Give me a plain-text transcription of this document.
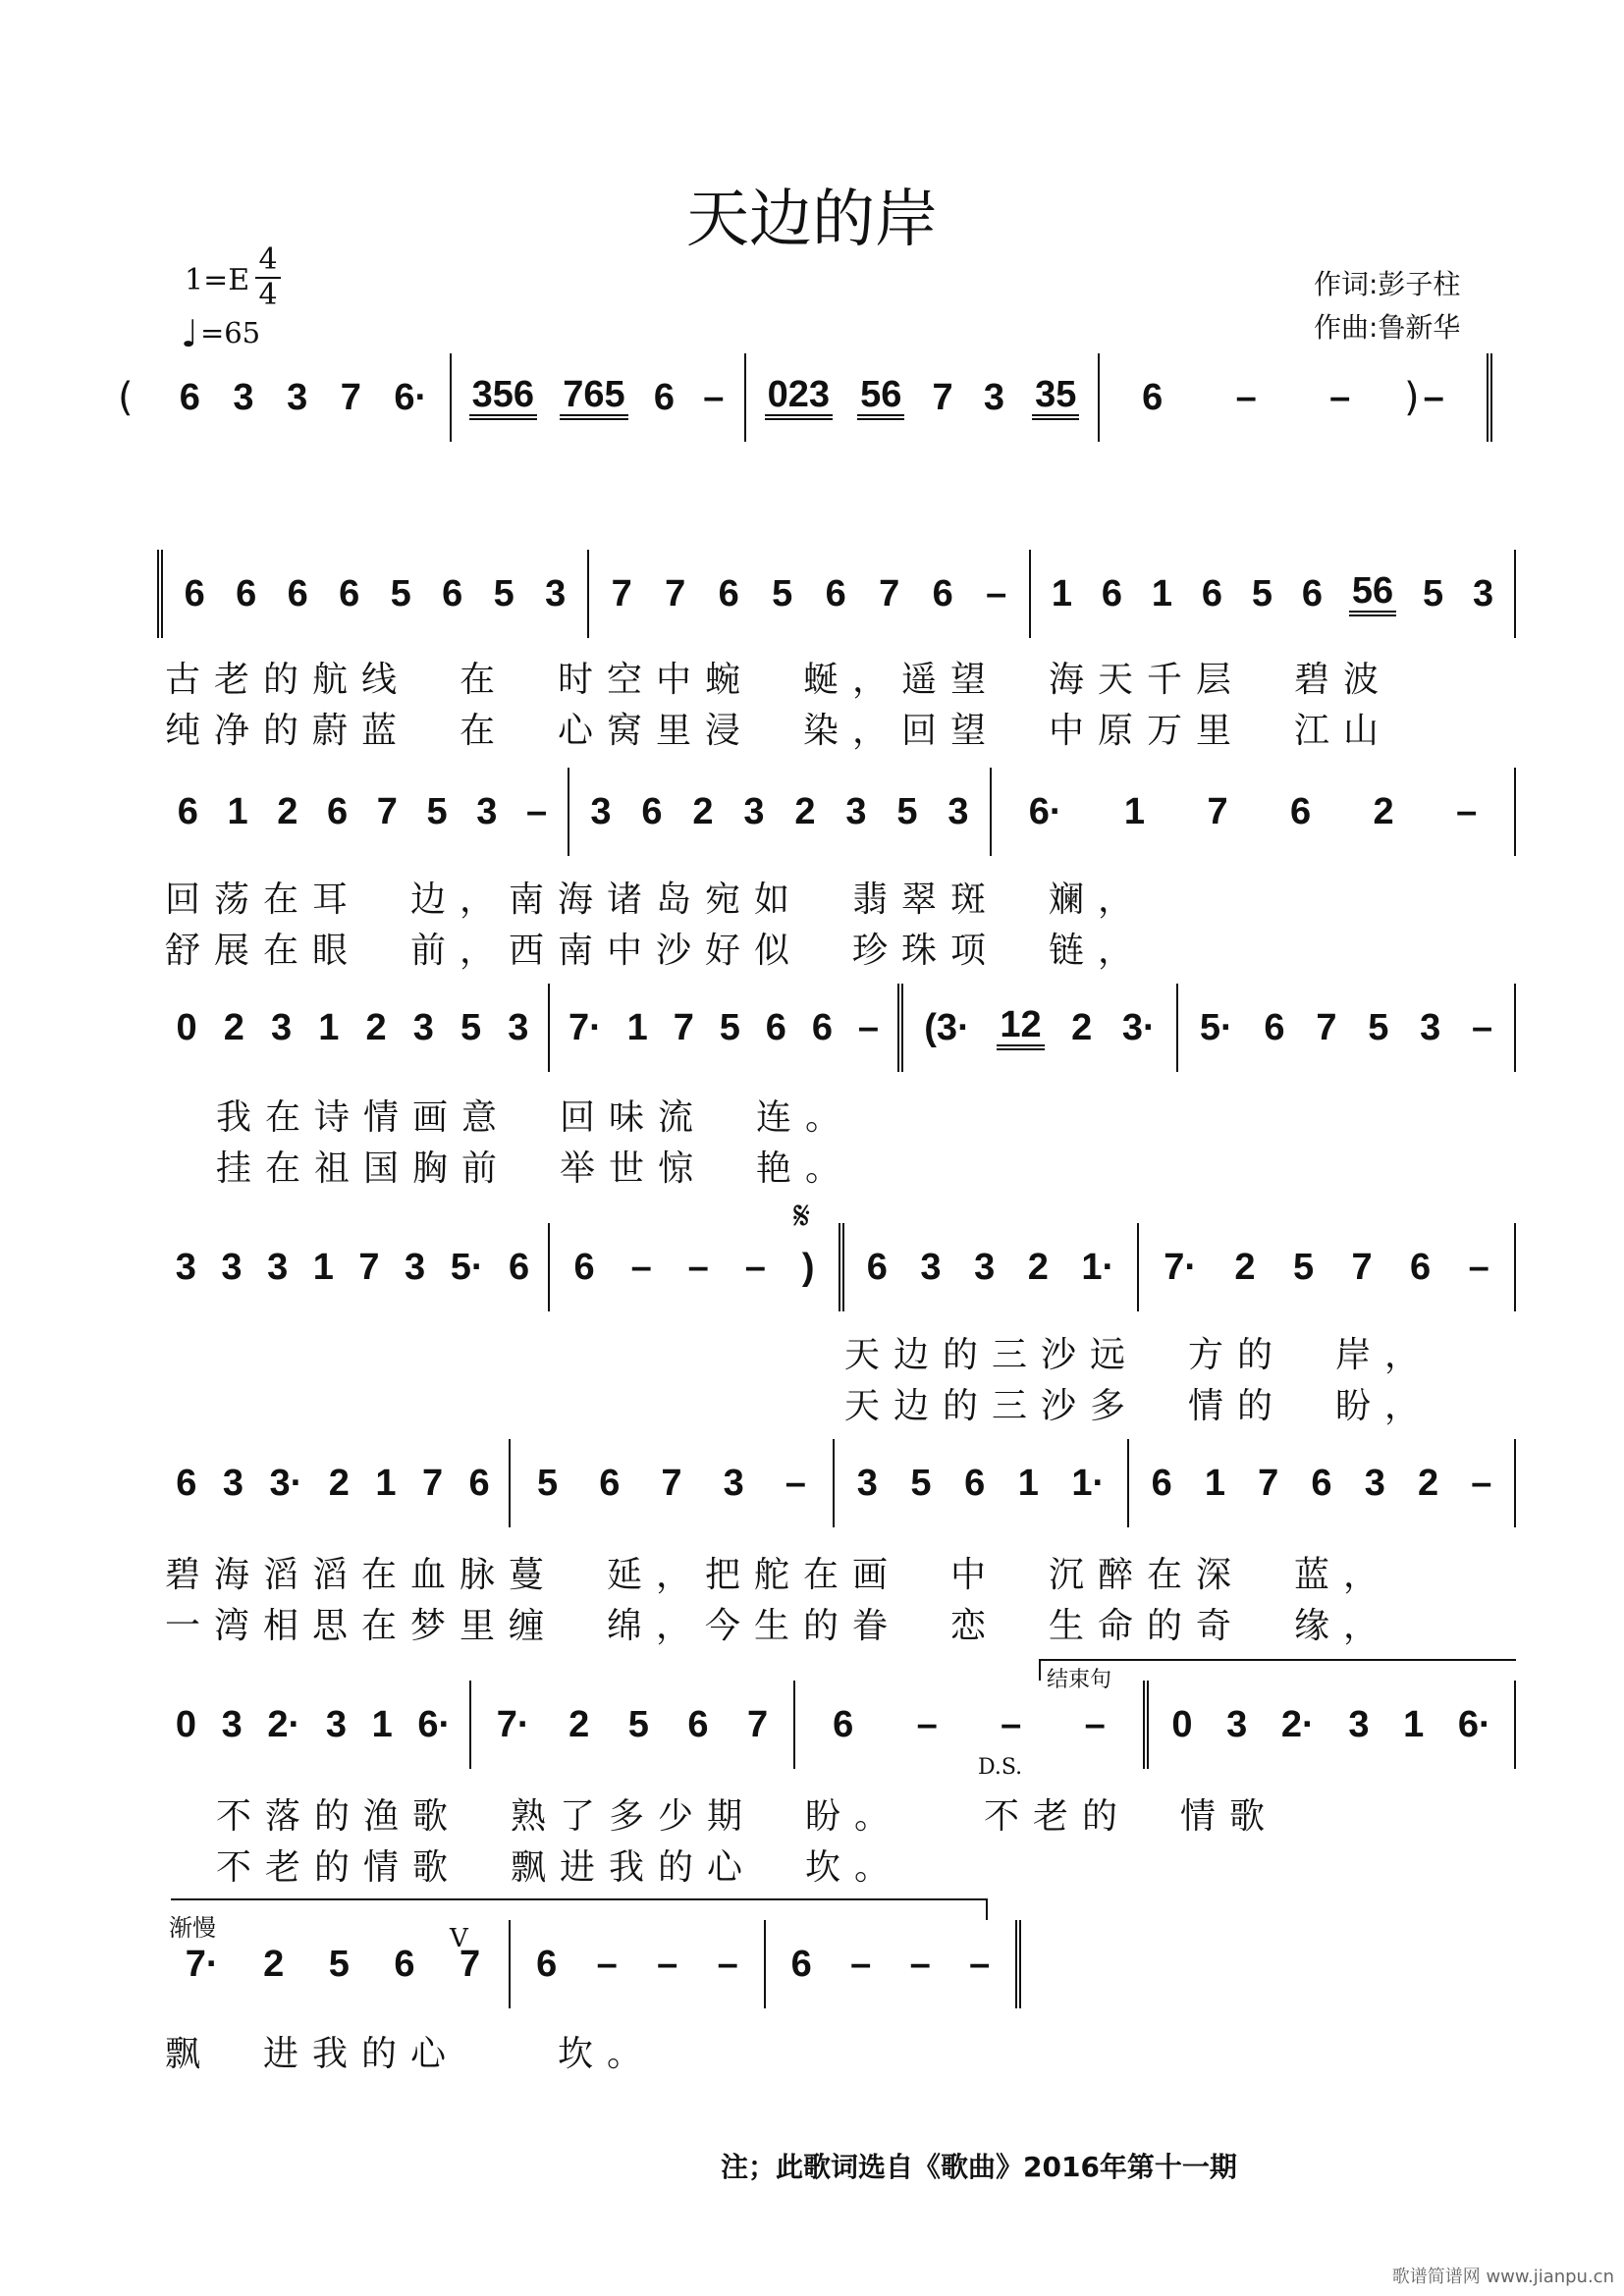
天边的岸
1=E
4
4
♩=65
作词:彭子柱
作曲:鲁新华
6 3 3 7 6· 356 765 6 – 023 56 7 3 35 6 – – –
(	)
6 6 6 6 5 6 5 3 7 7 6 5 6 7 6 – 1 6 1 6 5 6 56 5 3
古老的航线　在　时空中蜿　蜒，遥望　海天千层　碧波
纯净的蔚蓝　在　心窝里浸　染，回望　中原万里　江山
6 1 2 6 7 5 3 – 3 6 2 3 2 3 5 3 6· 1 7 6 2 –
回荡在耳　边，南海诸岛宛如　翡翠斑　斓，
舒展在眼　前，西南中沙好似　珍珠项　链，
0 2 3 1 2 3 5 3 7· 1 7 5 6 6 – (3· 12 2 3· 5· 6 7 5 3 –
我在诗情画意　回味流　连。
挂在祖国胸前　举世惊　艳。
𝄋
3 3 3 1 7 3 5· 6 6 – – – ) 6 3 3 2 1· 7· 2 5 7 6 –
天边的三沙远　方的　岸，
天边的三沙多　情的　盼，
6 3 3· 2 1 7 6 5 6 7 3 – 3 5 6 1 1· 6 1 7 6 3 2 –
碧海滔滔在血脉蔓　延，把舵在画　中　沉醉在深　蓝，
一湾相思在梦里缠　绵，今生的眷　恋　生命的奇　缘，
结束句
0 3 2· 3 1 6· 7· 2 5 6 7 6 – – – 0 3 2· 3 1 6·
D.S.
不落的渔歌　熟了多少期　盼。　　不老的　情歌
不老的情歌　飘进我的心　坎。
渐慢	V
7· 2 5 6 7 6 – – – 6 – – –
飘　进我的心　　坎。
注；此歌词选自《歌曲》2016年第十一期
歌谱简谱网 www.jianpu.cn
